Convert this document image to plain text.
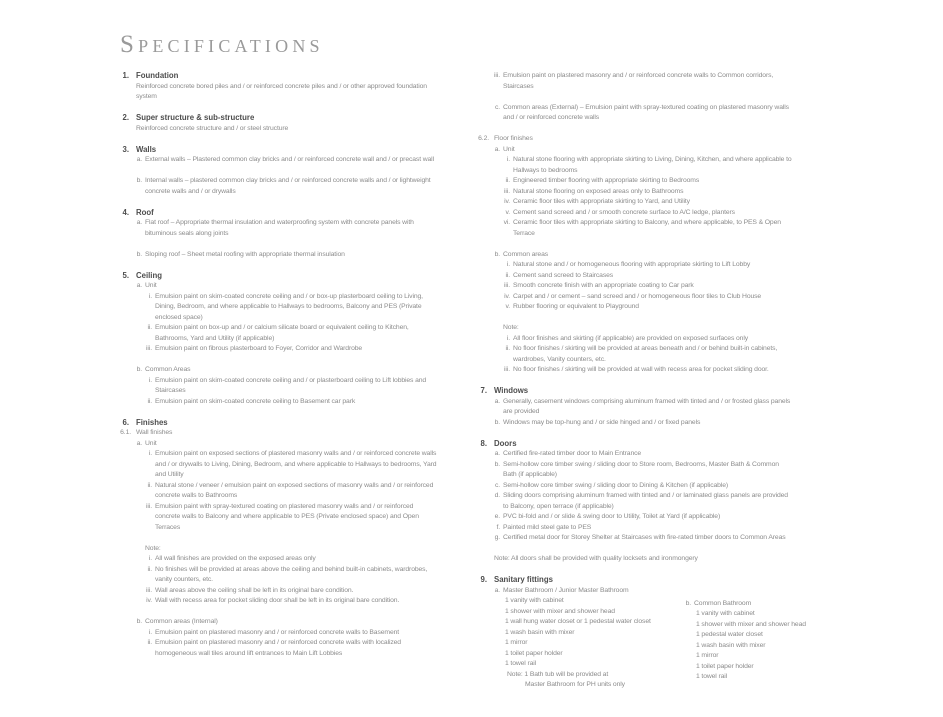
Specifications
1. Foundation
Reinforced concrete bored piles and / or reinforced concrete piles and / or other approved foundation
system
2. Super structure & sub-structure
Reinforced concrete structure and / or steel structure
3. Walls
a. External walls – Plastered common clay bricks and / or reinforced concrete wall and / or precast wall
b. Internal walls – plastered common clay bricks and / or reinforced concrete walls and / or lightweight
concrete walls and / or drywalls
4. Roof
a. Flat roof – Appropriate thermal insulation and waterproofing system with concrete panels with
bituminous seals along joints
b. Sloping roof – Sheet metal roofing with appropriate thermal insulation
5. Ceiling
a. Unit
i. Emulsion paint on skim-coated concrete ceiling and / or box-up plasterboard ceiling to Living,
Dining, Bedroom, and where applicable to Hallways to bedrooms, Balcony and PES (Private
enclosed space)
ii. Emulsion paint on box-up and / or calcium silicate board or equivalent ceiling to Kitchen,
Bathrooms, Yard and Utility (if applicable)
iii. Emulsion paint on fibrous plasterboard to Foyer, Corridor and Wardrobe
b. Common Areas
i. Emulsion paint on skim-coated concrete ceiling and / or plasterboard ceiling to Lift lobbies and
Staircases
ii. Emulsion paint on skim-coated concrete ceiling to Basement car park
6. Finishes
6.1. Wall finishes
a. Unit
i. Emulsion paint on exposed sections of plastered masonry walls and / or reinforced concrete walls
and / or drywalls to Living, Dining, Bedroom, and where applicable to Hallways to bedrooms, Yard
and Utility
ii. Natural stone / veneer / emulsion paint on exposed sections of masonry walls and / or reinforced
concrete walls to Bathrooms
iii. Emulsion paint with spray-textured coating on plastered masonry walls and / or reinforced
concrete walls to Balcony and where applicable to PES (Private enclosed space) and Open
Terraces
Note:
i. All wall finishes are provided on the exposed areas only
ii. No finishes will be provided at areas above the ceiling and behind built-in cabinets, wardrobes,
vanity counters, etc.
iii. Wall areas above the ceiling shall be left in its original bare condition.
iv. Wall with recess area for pocket sliding door shall be left in its original bare condition.
b. Common areas (Internal)
i. Emulsion paint on plastered masonry and / or reinforced concrete walls to Basement
ii. Emulsion paint on plastered masonry and / or reinforced concrete walls with localized
homogeneous wall tiles around lift entrances to Main Lift Lobbies
iii. Emulsion paint on plastered masonry and / or reinforced concrete walls to Common corridors,
Staircases
c. Common areas (External) – Emulsion paint with spray-textured coating on plastered masonry walls
and / or reinforced concrete walls
6.2. Floor finishes
a. Unit
i. Natural stone flooring with appropriate skirting to Living, Dining, Kitchen, and where applicable to
Hallways to bedrooms
ii. Engineered timber flooring with appropriate skirting to Bedrooms
iii. Natural stone flooring on exposed areas only to Bathrooms
iv. Ceramic floor tiles with appropriate skirting to Yard, and Utility
v. Cement sand screed and / or smooth concrete surface to A/C ledge, planters
vi. Ceramic floor tiles with appropriate skirting to Balcony, and where applicable, to PES & Open
Terrace
b. Common areas
i. Natural stone and / or homogeneous flooring with appropriate skirting to Lift Lobby
ii. Cement sand screed to Staircases
iii. Smooth concrete finish with an appropriate coating to Car park
iv. Carpet and / or cement – sand screed and / or homogeneous floor tiles to Club House
v. Rubber flooring or equivalent to Playground
Note:
i. All floor finishes and skirting (if applicable) are provided on exposed surfaces only
ii. No floor finishes / skirting will be provided at areas beneath and / or behind built-in cabinets,
wardrobes, Vanity counters, etc.
iii. No floor finishes / skirting will be provided at wall with recess area for pocket sliding door.
7. Windows
a. Generally, casement windows comprising aluminum framed with tinted and / or frosted glass panels
are provided
b. Windows may be top-hung and / or side hinged and / or fixed panels
8. Doors
a. Certified fire-rated timber door to Main Entrance
b. Semi-hollow core timber swing / sliding door to Store room, Bedrooms, Master Bath & Common
Bath (if applicable)
c. Semi-hollow core timber swing / sliding door to Dining & Kitchen (if applicable)
d. Sliding doors comprising aluminum framed with tinted and / or laminated glass panels are provided
to Balcony, open terrace (if applicable)
e. PVC bi-fold and / or slide & swing door to Utility, Toilet at Yard (if applicable)
f. Painted mild steel gate to PES
g. Certified metal door for Storey Shelter at Staircases with fire-rated timber doors to Common Areas
Note: All doors shall be provided with quality locksets and ironmongery
9. Sanitary fittings
a. Master Bathroom / Junior Master Bathroom
1 vanity with cabinet
1 shower with mixer and shower head
1 wall hung water closet or 1 pedestal water closet
1 wash basin with mixer
1 mirror
1 toilet paper holder
1 towel rail
Note: 1 Bath tub will be provided at
Master Bathroom for PH units only
b. Common Bathroom
1 vanity with cabinet
1 shower with mixer and shower head
1 pedestal water closet
1 wash basin with mixer
1 mirror
1 toilet paper holder
1 towel rail
